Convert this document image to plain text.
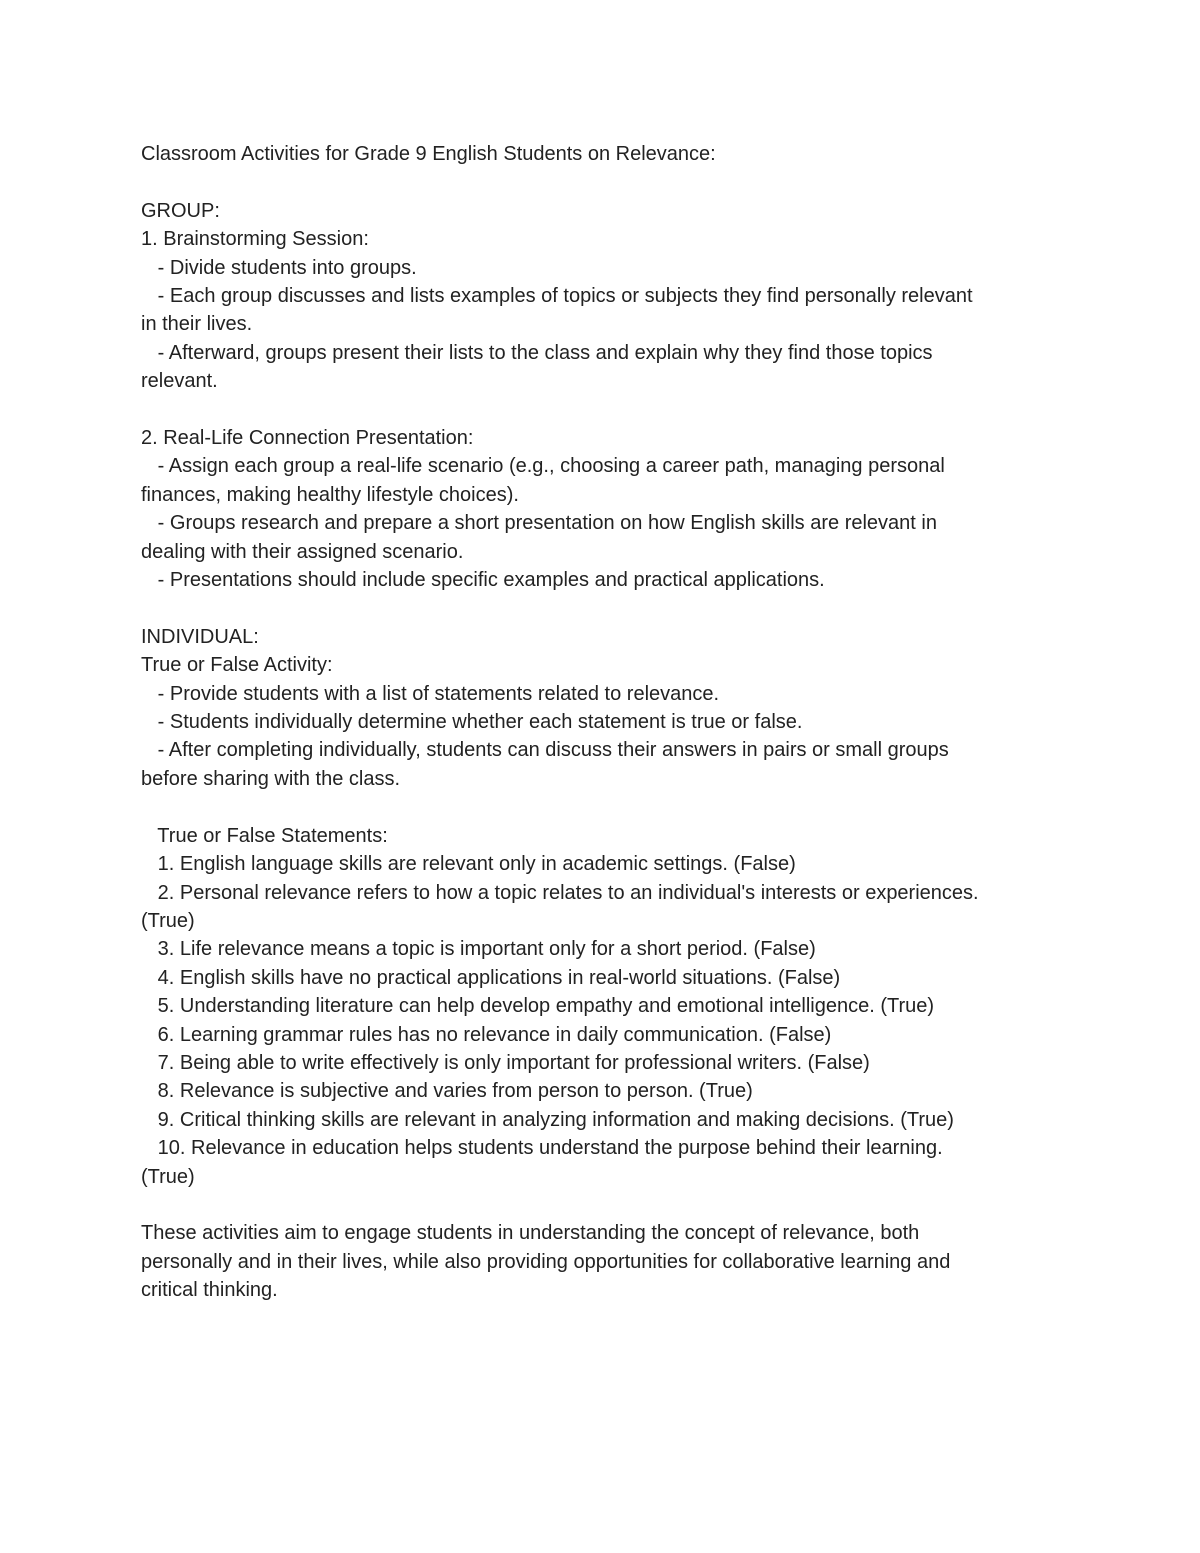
Classroom Activities for Grade 9 English Students on Relevance:

GROUP:

1. Brainstorming Session:

- Divide students into groups.

- Each group discusses and lists examples of topics or subjects they find personally relevant

in their lives.

- Afterward, groups present their lists to the class and explain why they find those topics

relevant.

2. Real-Life Connection Presentation:

- Assign each group a real-life scenario (e.g., choosing a career path, managing personal

finances, making healthy lifestyle choices).

- Groups research and prepare a short presentation on how English skills are relevant in

dealing with their assigned scenario.

- Presentations should include specific examples and practical applications.

INDIVIDUAL:

True or False Activity:

- Provide students with a list of statements related to relevance.

- Students individually determine whether each statement is true or false.

- After completing individually, students can discuss their answers in pairs or small groups

before sharing with the class.

True or False Statements:

1. English language skills are relevant only in academic settings. (False)

2. Personal relevance refers to how a topic relates to an individual's interests or experiences.

(True)

3. Life relevance means a topic is important only for a short period. (False)

4. English skills have no practical applications in real-world situations. (False)

5. Understanding literature can help develop empathy and emotional intelligence. (True)

6. Learning grammar rules has no relevance in daily communication. (False)

7. Being able to write effectively is only important for professional writers. (False)

8. Relevance is subjective and varies from person to person. (True)

9. Critical thinking skills are relevant in analyzing information and making decisions. (True)

10. Relevance in education helps students understand the purpose behind their learning.

(True)

These activities aim to engage students in understanding the concept of relevance, both

personally and in their lives, while also providing opportunities for collaborative learning and

critical thinking.
